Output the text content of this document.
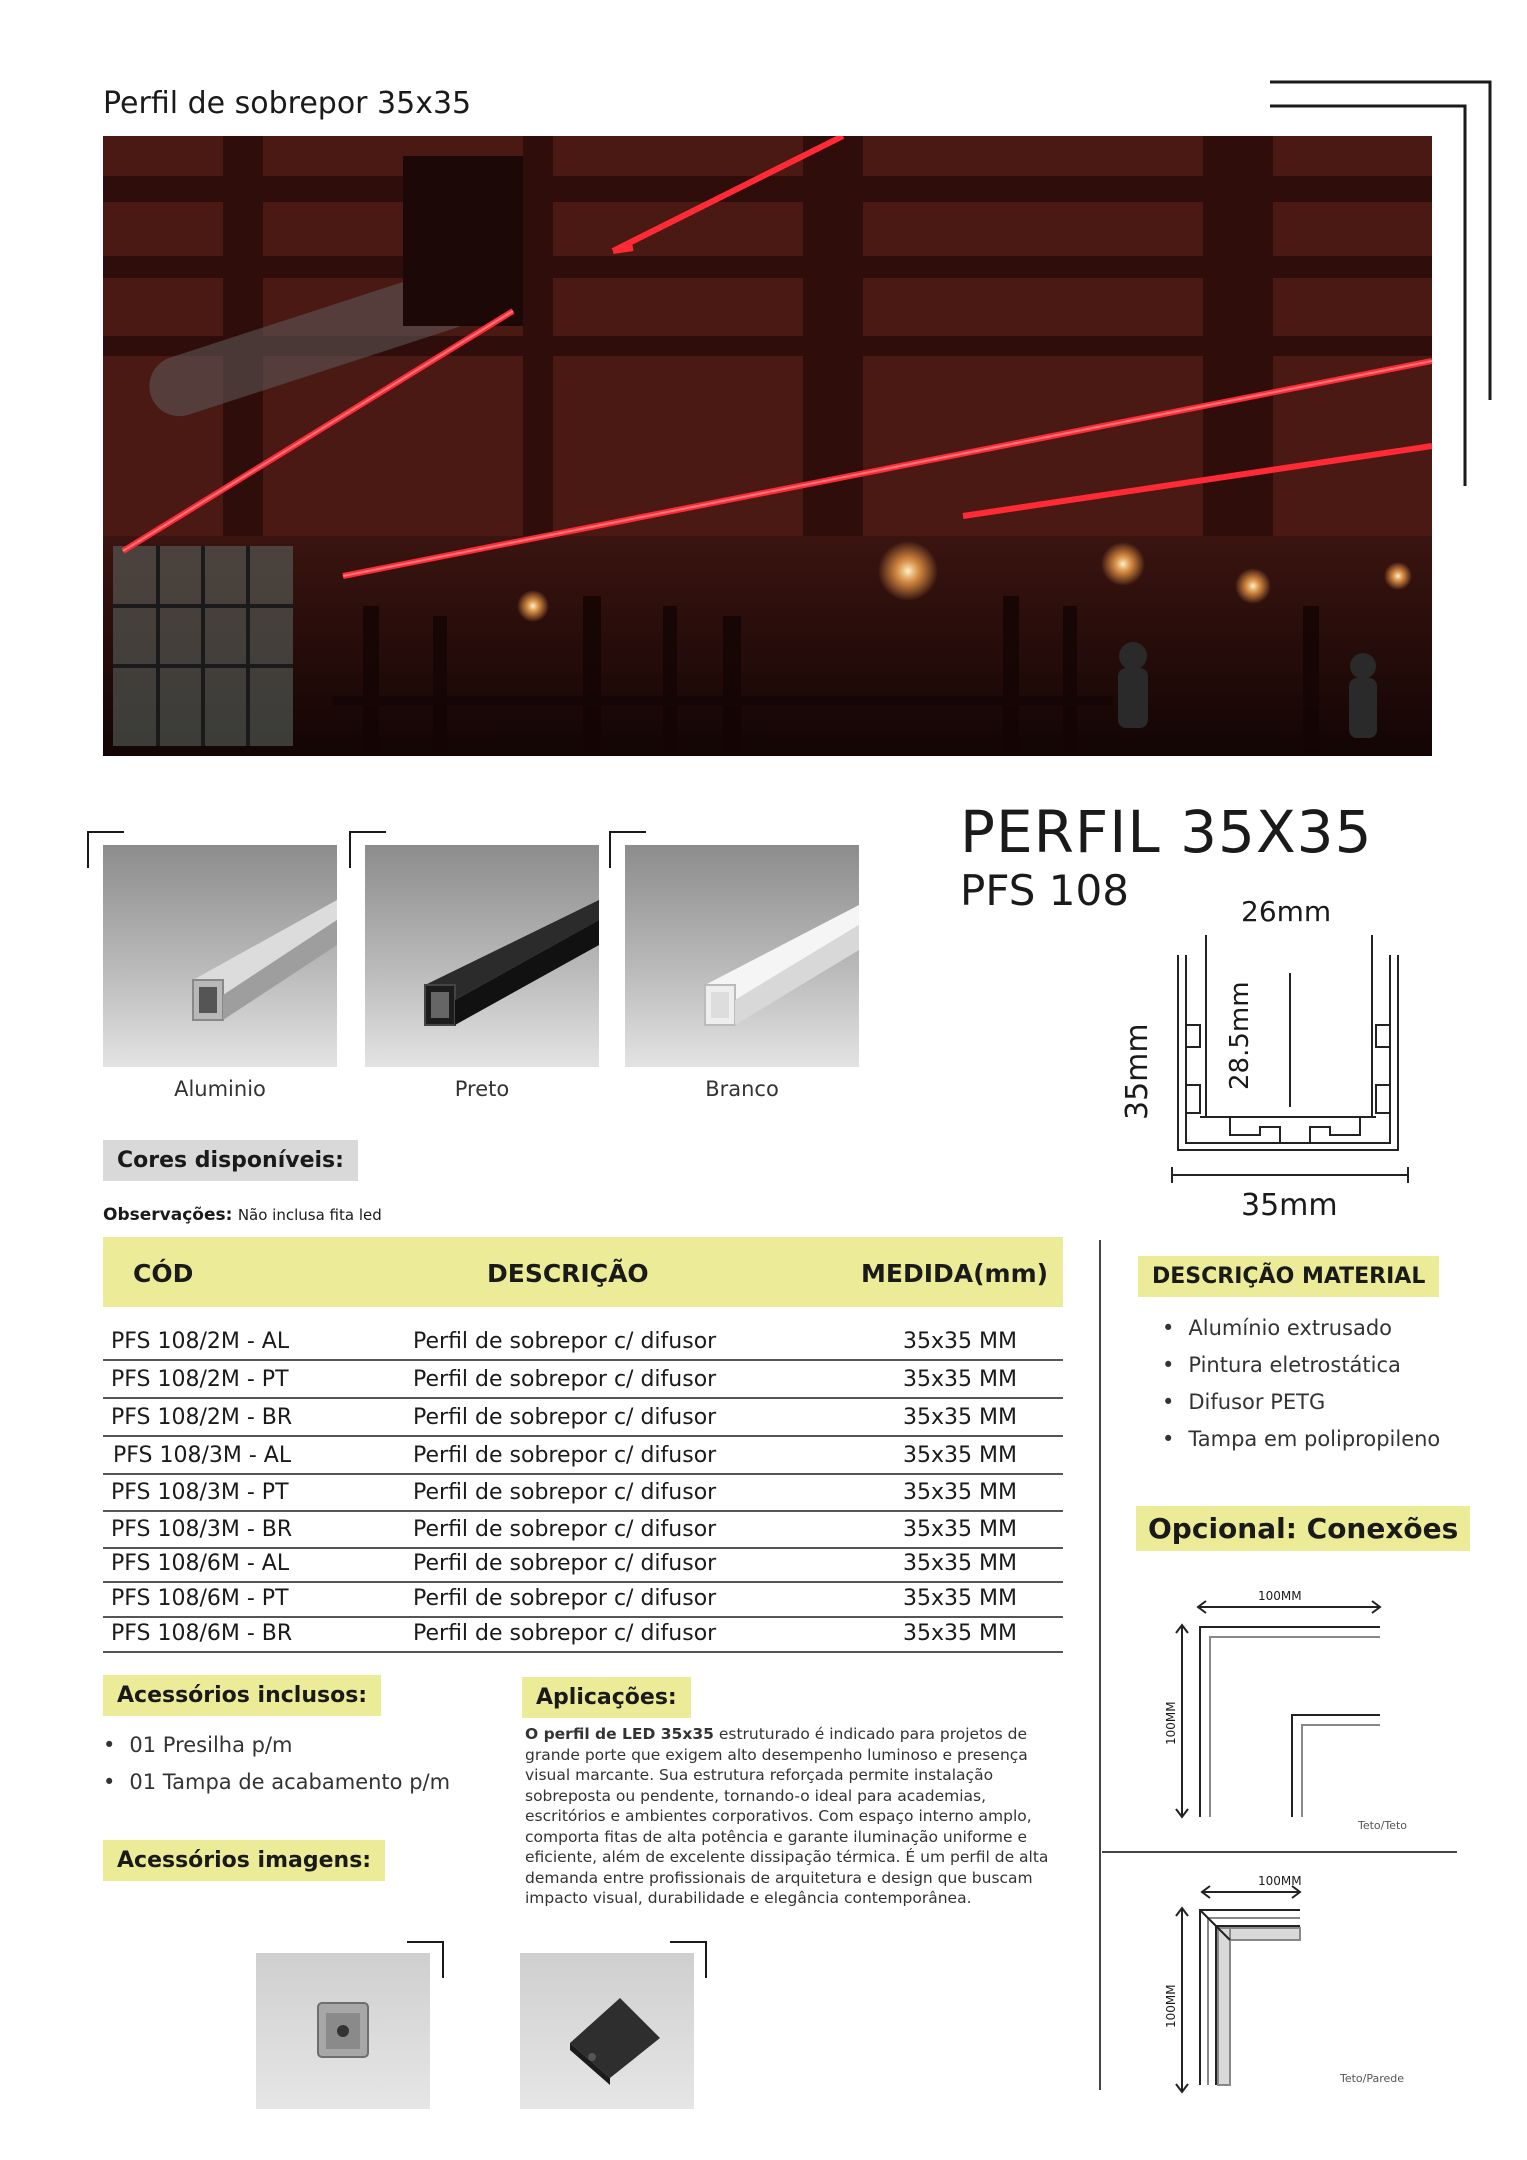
Perfil de sobrepor 35x35
Aluminio	Preto	Branco
Cores disponíveis:
PERFIL 35X35
PFS 108	26mm
28.5mm
35mm
35mm
Observações: Não inclusa fita led
CÓD	DESCRIÇÃO	MEDIDA(mm)
PFS 108/2M - AL	Perfil de sobrepor c/ difusor	35x35 MM
PFS 108/2M - PT	Perfil de sobrepor c/ difusor	35x35 MM
PFS 108/2M - BR	Perfil de sobrepor c/ difusor	35x35 MM
PFS 108/3M - AL	Perfil de sobrepor c/ difusor	35x35 MM
PFS 108/3M - PT	Perfil de sobrepor c/ difusor	35x35 MM
PFS 108/3M - BR	Perfil de sobrepor c/ difusor	35x35 MM
PFS 108/6M - AL	Perfil de sobrepor c/ difusor	35x35 MM
PFS 108/6M - PT	Perfil de sobrepor c/ difusor	35x35 MM
PFS 108/6M - BR	Perfil de sobrepor c/ difusor	35x35 MM
DESCRIÇÃO MATERIAL
• Alumínio extrusado
• Pintura eletrostática
• Difusor PETG
• Tampa em polipropileno
Opcional: Conexões
100MM
100MM
Teto/Teto
100MM
100MM
Teto/Parede
Acessórios inclusos:
• 01 Presilha p/m
• 01 Tampa de acabamento p/m
Acessórios imagens:
Aplicações:
O perfil de LED 35x35 estruturado é indicado para projetos de grande porte que exigem alto desempenho luminoso e presença visual marcante. Sua estrutura reforçada permite instalação sobreposta ou pendente, tornando-o ideal para academias, escritórios e ambientes corporativos. Com espaço interno amplo, comporta fitas de alta potência e garante iluminação uniforme e eficiente, além de excelente dissipação térmica. É um perfil de alta demanda entre profissionais de arquitetura e design que buscam impacto visual, durabilidade e elegância contemporânea.
